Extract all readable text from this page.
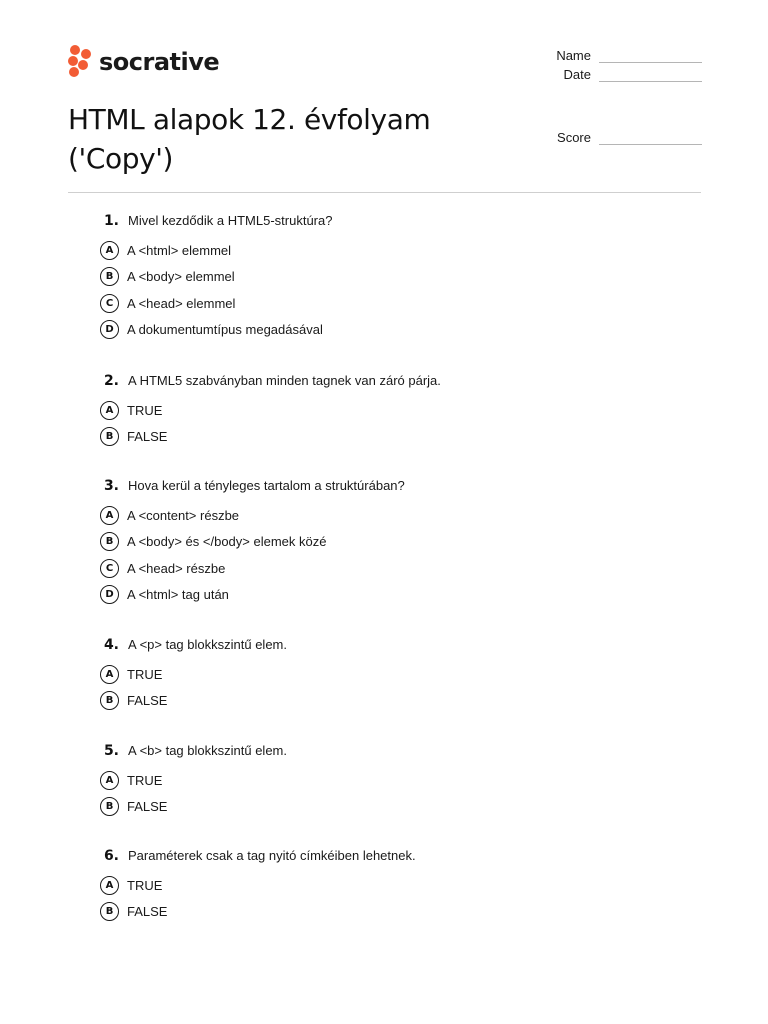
socrative	Name
Date
Score
HTML alapok 12. évfolyam
('Copy')
1. Mivel kezdődik a HTML5-struktúra?
A	A <html> elemmel
B	A <body> elemmel
C	A <head> elemmel
D	A dokumentumtípus megadásával
2. A HTML5 szabványban minden tagnek van záró párja.
A	TRUE
B	FALSE
3. Hova kerül a tényleges tartalom a struktúrában?
A	A <content> részbe
B	A <body> és </body> elemek közé
C	A <head> részbe
D	A <html> tag után
4. A <p> tag blokkszintű elem.
A	TRUE
B	FALSE
5. A <b> tag blokkszintű elem.
A	TRUE
B	FALSE
6. Paraméterek csak a tag nyitó címkéiben lehetnek.
A	TRUE
B	FALSE
